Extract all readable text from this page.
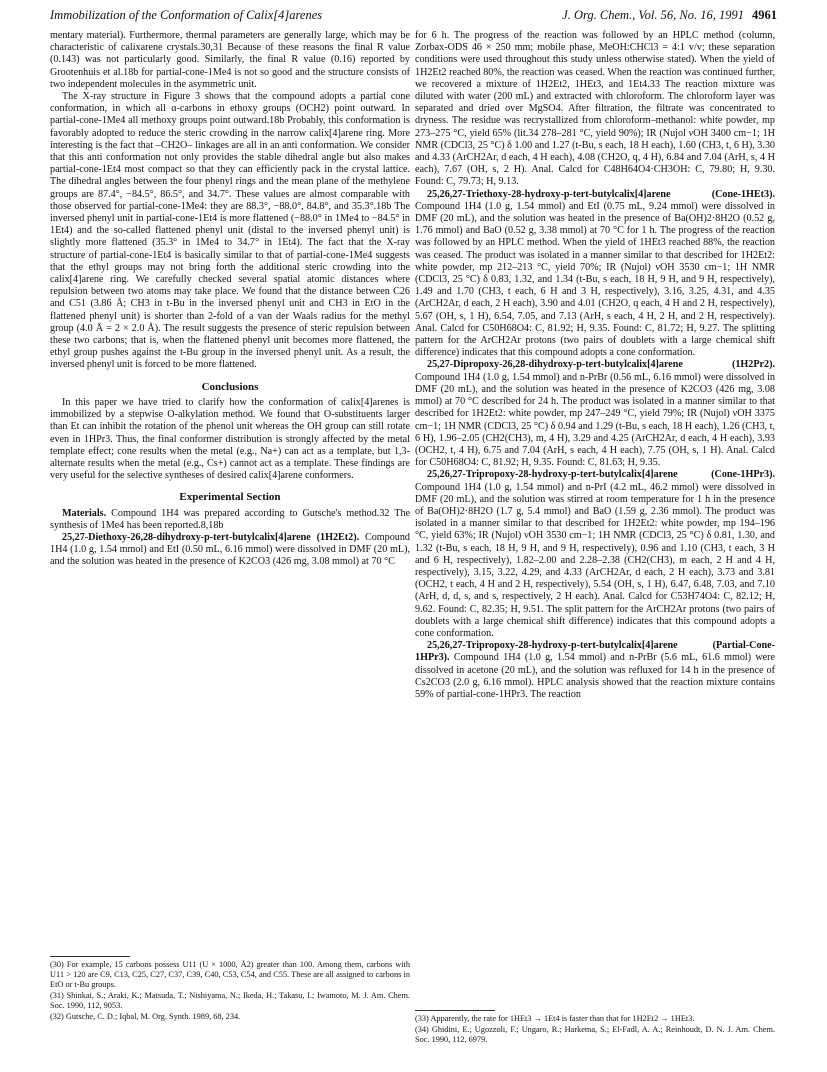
Immobilization of the Conformation of Calix[4]arenes	J. Org. Chem., Vol. 56, No. 16, 1991 4961

mentary material). Furthermore, thermal parameters are generally large, which may be characteristic of calixarene crystals.30,31 Because of these reasons the final R value (0.143) was not particularly good. Similarly, the final R value (0.16) reported by Grootenhuis et al.18b for partial-cone-1Me4 is not so good and the structure consists of two independent molecules in the asymmetric unit.

The X-ray structure in Figure 3 shows that the compound adopts a partial cone conformation, in which all α-carbons in ethoxy groups (OCH2) point outward. In partial-cone-1Me4 all methoxy groups point outward.18b Probably, this conformation is favorably adopted to reduce the steric crowding in the narrow calix[4]arene ring. More interesting is the fact that –CH2O– linkages are all in an anti conformation. We consider that this anti conformation not only provides the stable dihedral angle but also makes partial-cone-1Et4 most compact so that they can efficiently pack in the crystal lattice. The dihedral angles between the four phenyl rings and the mean plane of the methylene groups are 87.4°, −84.5°, 86.5°, and 34.7°. These values are almost comparable with those observed for partial-cone-1Me4: they are 88.3°, −88.0°, 84.8°, and 35.3°.18b The inversed phenyl unit in partial-cone-1Et4 is more flattened (−88.0° in 1Me4 to −84.5° in 1Et4) and the so-called flattened phenyl unit (distal to the inversed phenyl unit) is slightly more flattened (35.3° in 1Me4 to 34.7° in 1Et4). The fact that the X-ray structure of partial-cone-1Et4 is basically similar to that of partial-cone-1Me4 suggests that the ethyl groups may not bring forth the additional steric crowding into the calix[4]arene ring. We carefully checked several spatial atomic distances where repulsion between two atoms may take place. We found that the distance between C26 and C51 (3.86 Å; CH3 in t-Bu in the inversed phenyl unit and CH3 in EtO in the flattened phenyl unit) is shorter than 2-fold of a van der Waals radius for the methyl group (4.0 Å = 2 × 2.0 Å). The result suggests the presence of steric repulsion between these two carbons; that is, when the flattened phenyl unit becomes more flattened, the ethyl group pushes against the t-Bu group in the inversed phenyl unit. As a result, the inversed phenyl unit is forced to be more flattened.

Conclusions

In this paper we have tried to clarify how the conformation of calix[4]arenes is immobilized by a stepwise O-alkylation method. We found that O-substituents larger than Et can inhibit the rotation of the phenol unit whereas the OH group can still rotate even in 1HPr3. Thus, the final conformer distribution is strongly affected by the metal template effect; cone results when the metal (e.g., Na+) can act as a template, but 1,3-alternate results when the metal (e.g., Cs+) cannot act as a template. These findings are very useful for the selective syntheses of desired calix[4]arene conformers.

Experimental Section

Materials. Compound 1H4 was prepared according to Gutsche's method.32 The synthesis of 1Me4 has been reported.8,18b

25,27-Diethoxy-26,28-dihydroxy-p-tert-butylcalix[4]arene (1H2Et2). Compound 1H4 (1.0 g, 1.54 mmol) and EtI (0.50 mL, 6.16 mmol) were dissolved in DMF (20 mL), and the solution was heated in the presence of K2CO3 (426 mg, 3.08 mmol) at 70 °C

for 6 h. The progress of the reaction was followed by an HPLC method (column, Zorbax-ODS 46 × 250 mm; mobile phase, MeOH:CHCl3 = 4:1 v/v; these separation conditions were used throughout this study unless otherwise stated). When the yield of 1H2Et2 reached 80%, the reaction was ceased. When the reaction was continued further, we recovered a mixture of 1H2Et2, 1HEt3, and 1Et4.33 The reaction mixture was diluted with water (200 mL) and extracted with chloroform. The chloroform layer was separated and dried over MgSO4. After filtration, the filtrate was concentrated to dryness. The residue was recrystallized from chloroform–methanol: white powder, mp 273–275 °C, yield 65% (lit.34 278–281 °C, yield 90%); IR (Nujol νOH 3400 cm−1; 1H NMR (CDCl3, 25 °C) δ 1.00 and 1.27 (t-Bu, s each, 18 H each), 1.60 (CH3, t, 6 H), 3.30 and 4.33 (ArCH2Ar, d each, 4 H each), 4.08 (CH2O, q, 4 H), 6.84 and 7.04 (ArH, s, 4 H each), 7.67 (OH, s, 2 H). Anal. Calcd for C48H64O4·CH3OH: C, 79.80; H, 9.30. Found: C, 79.73; H, 9.13.

25,26,27-Triethoxy-28-hydroxy-p-tert-butylcalix[4]arene (Cone-1HEt3). Compound 1H4 (1.0 g, 1.54 mmol) and EtI (0.75 mL, 9.24 mmol) were dissolved in DMF (20 mL), and the solution was heated in the presence of Ba(OH)2·8H2O (0.52 g, 1.76 mmol) and BaO (0.52 g, 3.38 mmol) at 70 °C for 1 h. The progress of the reaction was followed by an HPLC method. When the yield of 1HEt3 reached 88%, the reaction was ceased. The product was isolated in a manner similar to that described for 1H2Et2: white powder, mp 212–213 °C, yield 70%; IR (Nujol) νOH 3530 cm−1; 1H NMR (CDCl3, 25 °C) δ 0.83, 1.32, and 1.34 (t-Bu, s each, 18 H, 9 H, and 9 H, respectively), 1.49 and 1.70 (CH3, t each, 6 H and 3 H, respectively), 3.16, 3.25, 4.31, and 4.35 (ArCH2Ar, d each, 2 H each), 3.90 and 4.01 (CH2O, q each, 4 H and 2 H, respectively), 5.67 (OH, s, 1 H), 6.54, 7.05, and 7.13 (ArH, s each, 4 H, 2 H, and 2 H, respectively). Anal. Calcd for C50H68O4: C, 81.92; H, 9.35. Found: C, 81.72; H, 9.27. The splitting pattern for the ArCH2Ar protons (two pairs of doublets with a large chemical shift difference) indicates that this compound adopts a cone conformation.

25,27-Dipropoxy-26,28-dihydroxy-p-tert-butylcalix[4]arene (1H2Pr2). Compound 1H4 (1.0 g, 1.54 mmol) and n-PrBr (0.56 mL, 6.16 mmol) were dissolved in DMF (20 mL), and the solution was heated in the presence of K2CO3 (426 mg, 3.08 mmol) at 70 °C described for 24 h. The product was isolated in a manner similar to that described for 1H2Et2: white powder, mp 247–249 °C, yield 79%; IR (Nujol) νOH 3375 cm−1; 1H NMR (CDCl3, 25 °C) δ 0.94 and 1.29 (t-Bu, s each, 18 H each), 1.26 (CH3, t, 6 H), 1.96–2.05 (CH2(CH3), m, 4 H), 3.29 and 4.25 (ArCH2Ar, d each, 4 H each), 3.93 (OCH2, t, 4 H), 6.75 and 7.04 (ArH, s each, 4 H each), 7.75 (OH, s, 1 H). Anal. Calcd for C50H68O4: C, 81.92; H, 9.35. Found: C, 81.63; H, 9.35.

25,26,27-Tripropoxy-28-hydroxy-p-tert-butylcalix[4]arene (Cone-1HPr3). Compound 1H4 (1.0 g, 1.54 mmol) and n-PrI (4.2 mL, 46.2 mmol) were dissolved in DMF (20 mL), and the solution was stirred at room temperature for 1 h in the presence of Ba(OH)2·8H2O (1.7 g, 5.4 mmol) and BaO (1.59 g, 2.36 mmol). The product was isolated in a manner similar to that described for 1H2Et2: white powder, mp 194–196 °C, yield 63%; IR (Nujol) νOH 3530 cm−1; 1H NMR (CDCl3, 25 °C) δ 0.81, 1.30, and 1.32 (t-Bu, s each, 18 H, 9 H, and 9 H, respectively), 0.96 and 1.10 (CH3, t each, 3 H and 6 H, respectively), 1.82–2.00 and 2.28–2.38 (CH2(CH3), m each, 2 H and 4 H, respectively), 3.15, 3.22, 4.29, and 4.33 (ArCH2Ar, d each, 2 H each), 3.73 and 3.81 (OCH2, t each, 4 H and 2 H, respectively), 5.54 (OH, s, 1 H), 6.47, 6.48, 7.03, and 7.10 (ArH, d, d, s, and s, respectively, 2 H each). Anal. Calcd for C53H74O4: C, 82.12; H, 9.62. Found: C, 82.35; H, 9.51. The split pattern for the ArCH2Ar protons (two pairs of doublets with a large chemical shift difference) indicates that this compound adopts a cone conformation.

25,26,27-Tripropoxy-28-hydroxy-p-tert-butylcalix[4]arene (Partial-Cone-1HPr3). Compound 1H4 (1.0 g, 1.54 mmol) and n-PrBr (5.6 mL, 61.6 mmol) were dissolved in acetone (20 mL), and the solution was refluxed for 14 h in the presence of Cs2CO3 (2.0 g, 6.16 mmol). HPLC analysis showed that the reaction mixture contains 59% of partial-cone-1HPr3. The reaction

(30) For example, 15 carbons possess U11 (U × 1000, Å2) greater than 100. Among them, carbons with U11 > 120 are C9, C13, C25, C27, C37, C39, C40, C53, C54, and C55. These are all assigned to carbons in EtO or t-Bu groups.

(31) Shinkai, S.; Araki, K.; Matsuda, T.; Nishiyama, N.; Ikeda, H.; Takasu, I.; Iwamoto, M. J. Am. Chem. Soc. 1990, 112, 9053.

(32) Gutsche, C. D.; Iqbal, M. Org. Synth. 1989, 68, 234.	(33) Apparently, the rate for 1HEt3 → 1Et4 is faster than that for 1H2Et2 → 1HEt3.

(34) Ghidini, E.; Ugozzoli, F.; Ungaro, R.; Harkema, S.; El-Fadl, A. A.; Reinhoudt, D. N. J. Am. Chem. Soc. 1990, 112, 6979.
